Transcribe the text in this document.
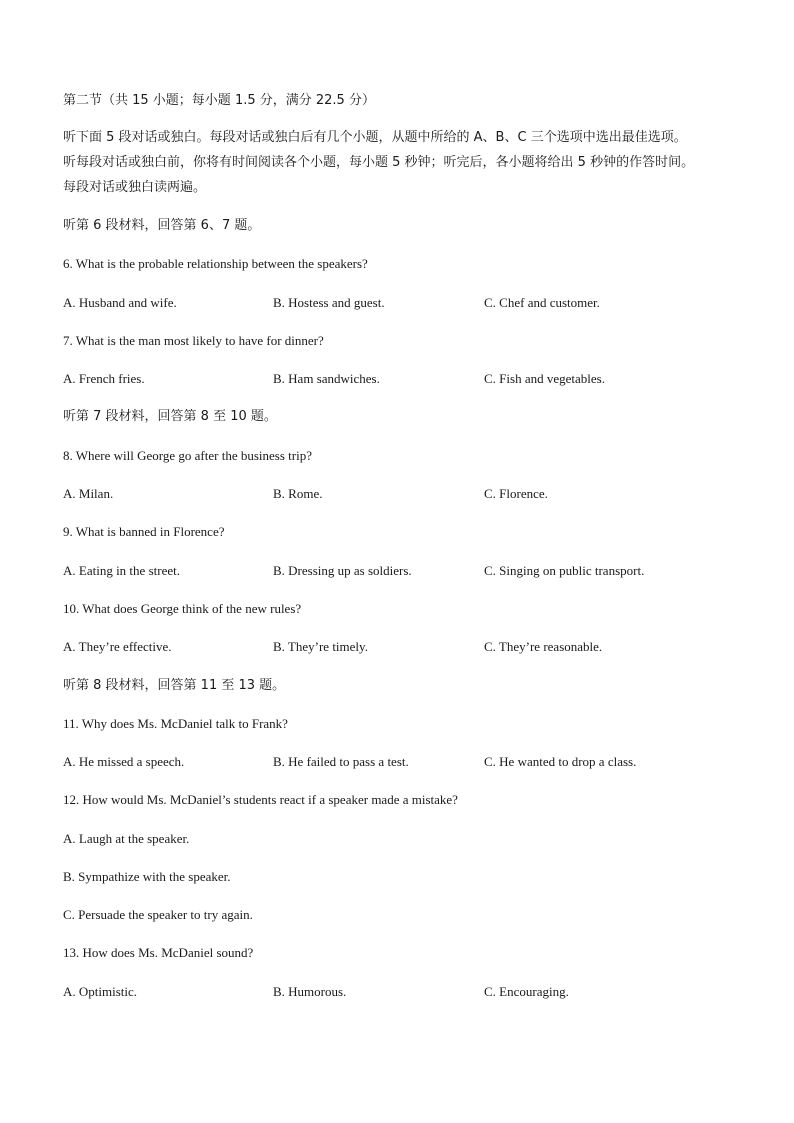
第二节（共 15 小题；每小题 1.5 分，满分 22.5 分）
听下面 5 段对话或独白。每段对话或独白后有几个小题，从题中所给的 A、B、C 三个选项中选出最佳选项。
听每段对话或独白前，你将有时间阅读各个小题，每小题 5 秒钟；听完后，各小题将给出 5 秒钟的作答时间。
每段对话或独白读两遍。
听第 6 段材料，回答第 6、7 题。
6. What is the probable relationship between the speakers?
A. Husband and wife.	B. Hostess and guest.	C. Chef and customer.
7. What is the man most likely to have for dinner?
A. French fries.	B. Ham sandwiches.	C. Fish and vegetables.
听第 7 段材料，回答第 8 至 10 题。
8. Where will George go after the business trip?
A. Milan.	B. Rome.	C. Florence.
9. What is banned in Florence?
A. Eating in the street.	B. Dressing up as soldiers.	C. Singing on public transport.
10. What does George think of the new rules?
A. They’re effective.	B. They’re timely.	C. They’re reasonable.
听第 8 段材料，回答第 11 至 13 题。
11. Why does Ms. McDaniel talk to Frank?
A. He missed a speech.	B. He failed to pass a test.	C. He wanted to drop a class.
12. How would Ms. McDaniel’s students react if a speaker made a mistake?
A. Laugh at the speaker.
B. Sympathize with the speaker.
C. Persuade the speaker to try again.
13. How does Ms. McDaniel sound?
A. Optimistic.	B. Humorous.	C. Encouraging.
